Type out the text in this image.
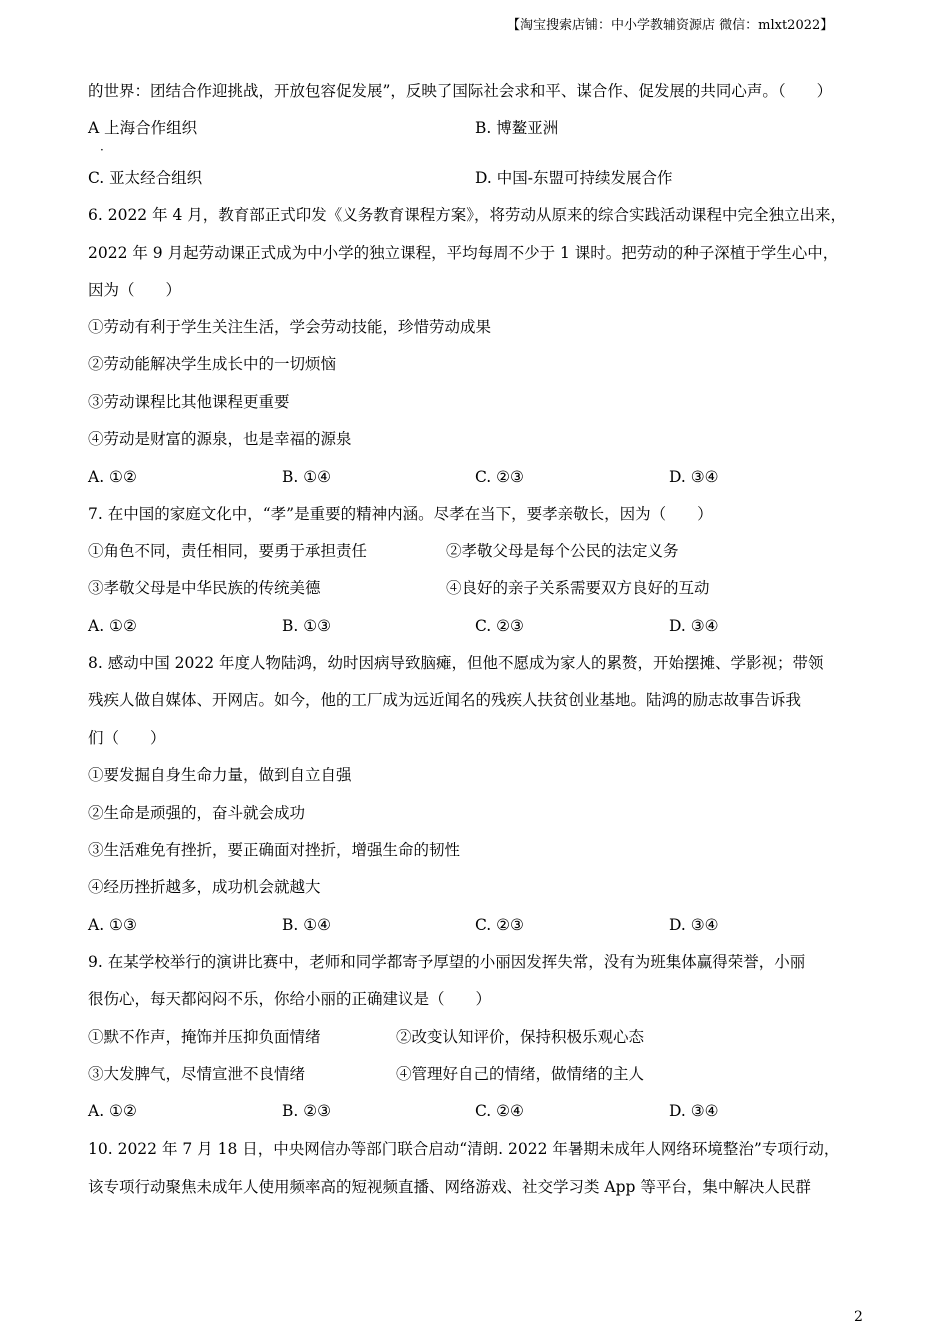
【淘宝搜索店铺：中小学教辅资源店 微信：mlxt2022】
的世界：团结合作迎挑战，开放包容促发展”，反映了国际社会求和平、谋合作、促发展的共同心声。（　　）
A 上海合作组织
·
B. 博鳌亚洲
C. 亚太经合组织	D. 中国-东盟可持续发展合作
6. 2022 年 4 月，教育部正式印发《义务教育课程方案》，将劳动从原来的综合实践活动课程中完全独立出来，
2022 年 9 月起劳动课正式成为中小学的独立课程，平均每周不少于 1 课时。把劳动的种子深植于学生心中，
因为（　　）
①劳动有利于学生关注生活，学会劳动技能，珍惜劳动成果
②劳动能解决学生成长中的一切烦恼
③劳动课程比其他课程更重要
④劳动是财富的源泉，也是幸福的源泉
A. ①②	B. ①④	C. ②③	D. ③④
7. 在中国的家庭文化中，“孝”是重要的精神内涵。尽孝在当下，要孝亲敬长，因为（　　）
①角色不同，责任相同，要勇于承担责任	②孝敬父母是每个公民的法定义务
③孝敬父母是中华民族的传统美德	④良好的亲子关系需要双方良好的互动
A. ①②	B. ①③	C. ②③	D. ③④
8. 感动中国 2022 年度人物陆鸿，幼时因病导致脑瘫，但他不愿成为家人的累赘，开始摆摊、学影视；带领
残疾人做自媒体、开网店。如今，他的工厂成为远近闻名的残疾人扶贫创业基地。陆鸿的励志故事告诉我
们（　　）
①要发掘自身生命力量，做到自立自强
②生命是顽强的，奋斗就会成功
③生活难免有挫折，要正确面对挫折，增强生命的韧性
④经历挫折越多，成功机会就越大
A. ①③	B. ①④	C. ②③	D. ③④
9. 在某学校举行的演讲比赛中，老师和同学都寄予厚望的小丽因发挥失常，没有为班集体赢得荣誉，小丽
很伤心，每天都闷闷不乐，你给小丽的正确建议是（　　）
①默不作声，掩饰并压抑负面情绪	②改变认知评价，保持积极乐观心态
③大发脾气，尽情宣泄不良情绪	④管理好自己的情绪，做情绪的主人
A. ①②	B. ②③	C. ②④	D. ③④
10. 2022 年 7 月 18 日，中央网信办等部门联合启动“清朗. 2022 年暑期未成年人网络环境整治”专项行动，
该专项行动聚焦未成年人使用频率高的短视频直播、网络游戏、社交学习类 App 等平台，集中解决人民群
2
